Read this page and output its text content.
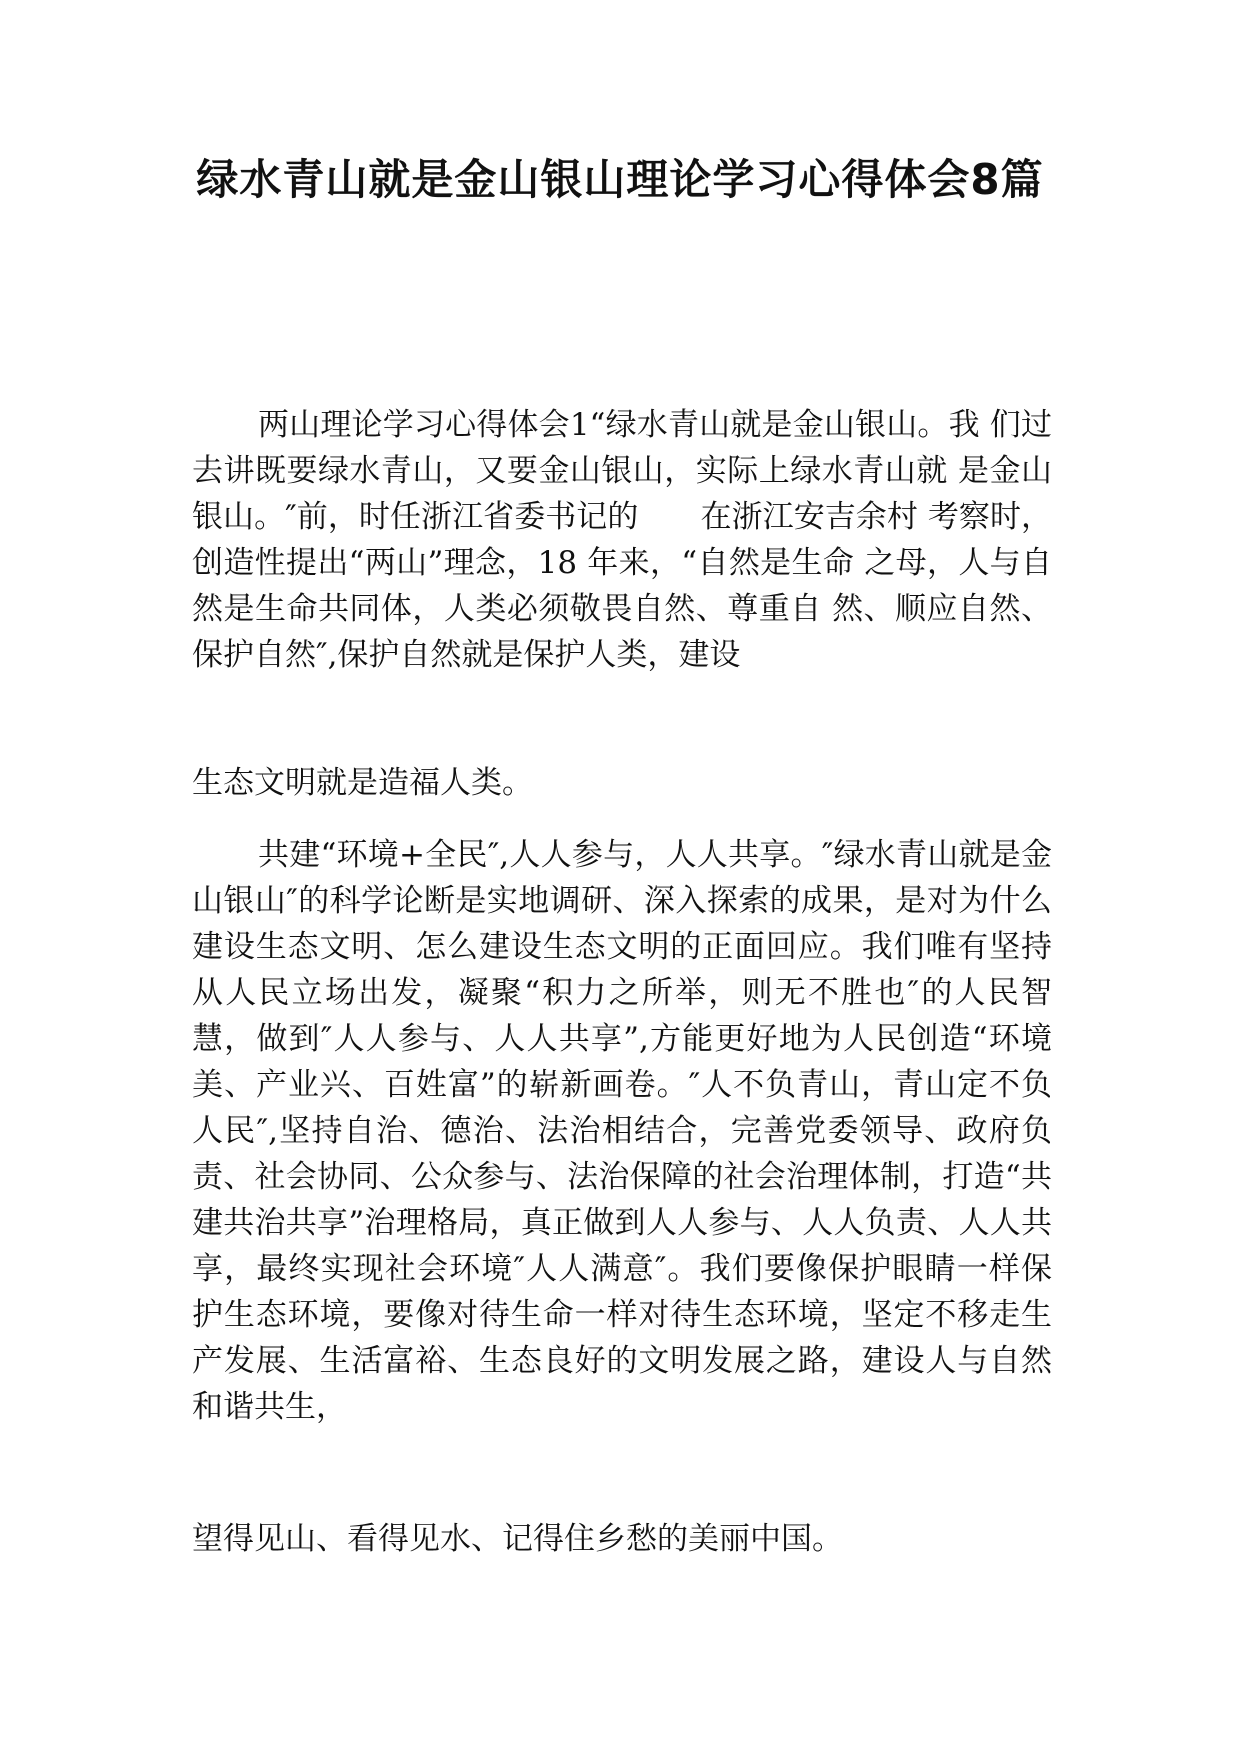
绿水青山就是金山银山理论学习心得体会8篇

两山理论学习心得体会1“绿水青山就是金山银山。我 们过去讲既要绿水青山，又要金山银山，实际上绿水青山就 是金山银山。″前，时任浙江省委书记的　　在浙江安吉余村 考察时，创造性提出“两山”理念，18 年来，“自然是生命 之母，人与自然是生命共同体，人类必须敬畏自然、尊重自 然、顺应自然、保护自然″,保护自然就是保护人类，建设

生态文明就是造福人类。

共建“环境+全民″,人人参与，人人共享。″绿水青山就是金山银山″的科学论断是实地调研、深入探索的成果，是对为什么建设生态文明、怎么建设生态文明的正面回应。我们唯有坚持从人民立场出发，凝聚“积力之所举，则无不胜也″的人民智慧，做到″人人参与、人人共享”,方能更好地为人民创造“环境美、产业兴、百姓富”的崭新画卷。″人不负青山，青山定不负人民″,坚持自治、德治、法治相结合，完善党委领导、政府负责、社会协同、公众参与、法治保障的社会治理体制，打造“共建共治共享”治理格局，真正做到人人参与、人人负责、人人共享，最终实现社会环境″人人满意″。我们要像保护眼睛一样保护生态环境，要像对待生命一样对待生态环境，坚定不移走生产发展、生活富裕、生态良好的文明发展之路，建设人与自然和谐共生，

望得见山、看得见水、记得住乡愁的美丽中国。
